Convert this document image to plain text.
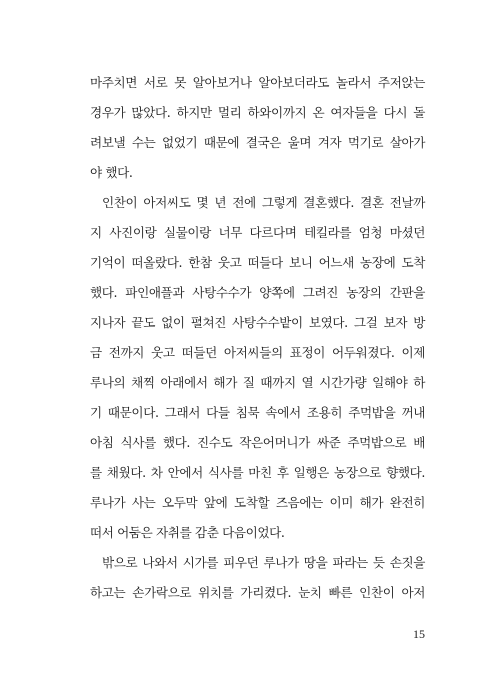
마주치면 서로 못 알아보거나 알아보더라도 놀라서 주저앉는
경우가 많았다. 하지만 멀리 하와이까지 온 여자들을 다시 돌
려보낼 수는 없었기 때문에 결국은 울며 겨자 먹기로 살아가
야 했다.
인찬이 아저씨도 몇 년 전에 그렇게 결혼했다. 결혼 전날까
지 사진이랑 실물이랑 너무 다르다며 테킬라를 엄청 마셨던
기억이 떠올랐다. 한참 웃고 떠들다 보니 어느새 농장에 도착
했다. 파인애플과 사탕수수가 양쪽에 그려진 농장의 간판을
지나자 끝도 없이 펼쳐진 사탕수수밭이 보였다. 그걸 보자 방
금 전까지 웃고 떠들던 아저씨들의 표정이 어두워졌다. 이제
루나의 채찍 아래에서 해가 질 때까지 열 시간가량 일해야 하
기 때문이다. 그래서 다들 침묵 속에서 조용히 주먹밥을 꺼내
아침 식사를 했다. 진수도 작은어머니가 싸준 주먹밥으로 배
를 채웠다. 차 안에서 식사를 마친 후 일행은 농장으로 향했다.
루나가 사는 오두막 앞에 도착할 즈음에는 이미 해가 완전히
떠서 어둠은 자취를 감춘 다음이었다.
밖으로 나와서 시가를 피우던 루나가 땅을 파라는 듯 손짓을
하고는 손가락으로 위치를 가리켰다. 눈치 빠른 인찬이 아저
15
